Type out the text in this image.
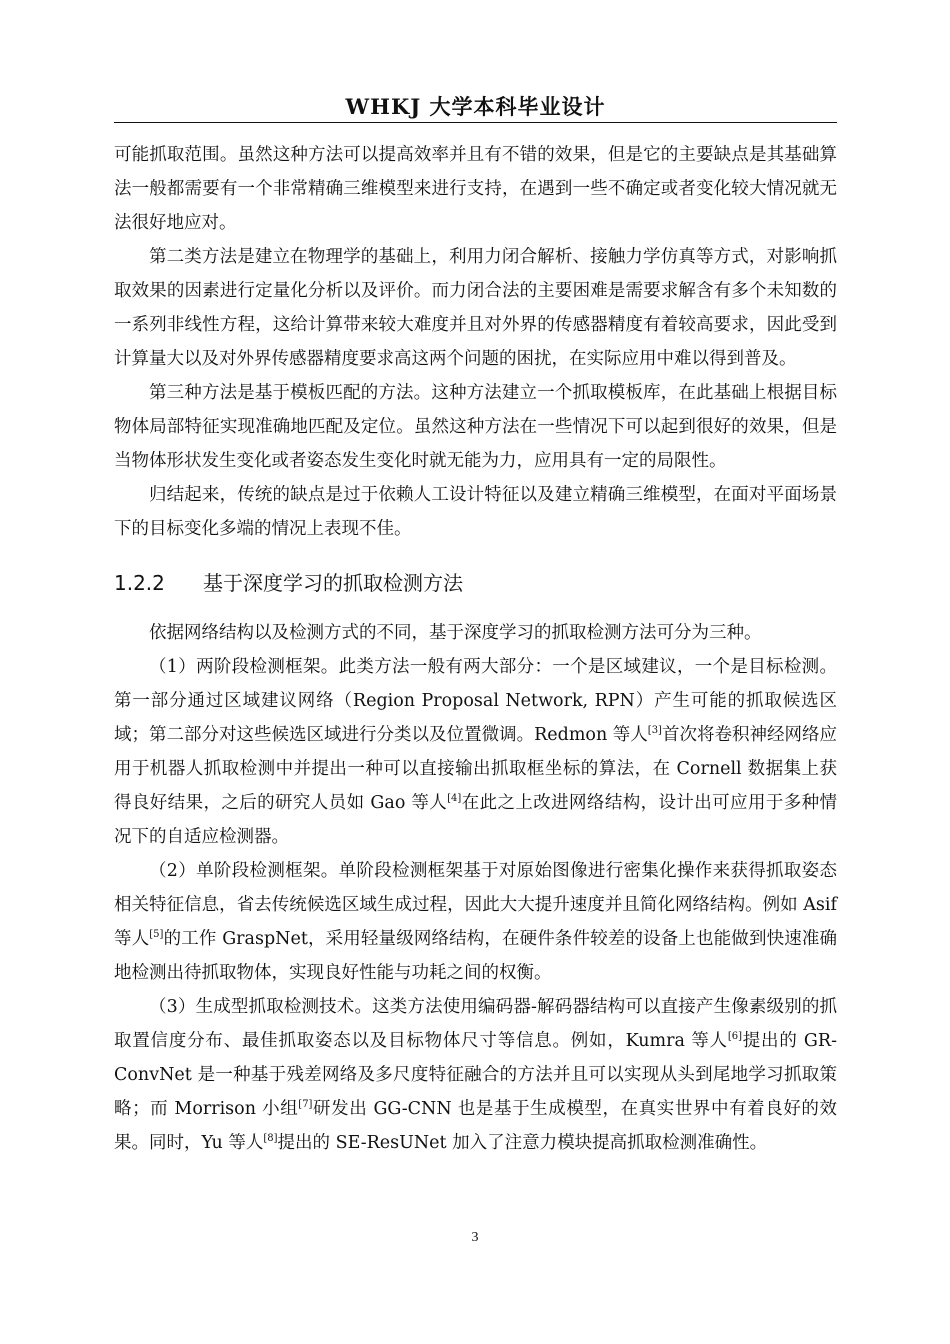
WHKJ 大学本科毕业设计

可能抓取范围。虽然这种方法可以提高效率并且有不错的效果，但是它的主要缺点是其基础算法一般都需要有一个非常精确三维模型来进行支持，在遇到一些不确定或者变化较大情况就无法很好地应对。

第二类方法是建立在物理学的基础上，利用力闭合解析、接触力学仿真等方式，对影响抓取效果的因素进行定量化分析以及评价。而力闭合法的主要困难是需要求解含有多个未知数的一系列非线性方程，这给计算带来较大难度并且对外界的传感器精度有着较高要求，因此受到计算量大以及对外界传感器精度要求高这两个问题的困扰，在实际应用中难以得到普及。

第三种方法是基于模板匹配的方法。这种方法建立一个抓取模板库，在此基础上根据目标物体局部特征实现准确地匹配及定位。虽然这种方法在一些情况下可以起到很好的效果，但是当物体形状发生变化或者姿态发生变化时就无能为力，应用具有一定的局限性。

归结起来，传统的缺点是过于依赖人工设计特征以及建立精确三维模型，在面对平面场景下的目标变化多端的情况上表现不佳。

1.2.2 基于深度学习的抓取检测方法

依据网络结构以及检测方式的不同，基于深度学习的抓取检测方法可分为三种。

（1）两阶段检测框架。此类方法一般有两大部分：一个是区域建议，一个是目标检测。第一部分通过区域建议网络（Region Proposal Network, RPN）产生可能的抓取候选区域；第二部分对这些候选区域进行分类以及位置微调。Redmon 等人[3]首次将卷积神经网络应用于机器人抓取检测中并提出一种可以直接输出抓取框坐标的算法，在 Cornell 数据集上获得良好结果，之后的研究人员如 Gao 等人[4]在此之上改进网络结构，设计出可应用于多种情况下的自适应检测器。

（2）单阶段检测框架。单阶段检测框架基于对原始图像进行密集化操作来获得抓取姿态相关特征信息，省去传统候选区域生成过程，因此大大提升速度并且简化网络结构。例如 Asif 等人[5]的工作 GraspNet，采用轻量级网络结构，在硬件条件较差的设备上也能做到快速准确地检测出待抓取物体，实现良好性能与功耗之间的权衡。

（3）生成型抓取检测技术。这类方法使用编码器-解码器结构可以直接产生像素级别的抓取置信度分布、最佳抓取姿态以及目标物体尺寸等信息。例如，Kumra 等人[6]提出的 GR-ConvNet 是一种基于残差网络及多尺度特征融合的方法并且可以实现从头到尾地学习抓取策略；而 Morrison 小组[7]研发出 GG-CNN 也是基于生成模型，在真实世界中有着良好的效果。同时，Yu 等人[8]提出的 SE-ResUNet 加入了注意力模块提高抓取检测准确性。

3
